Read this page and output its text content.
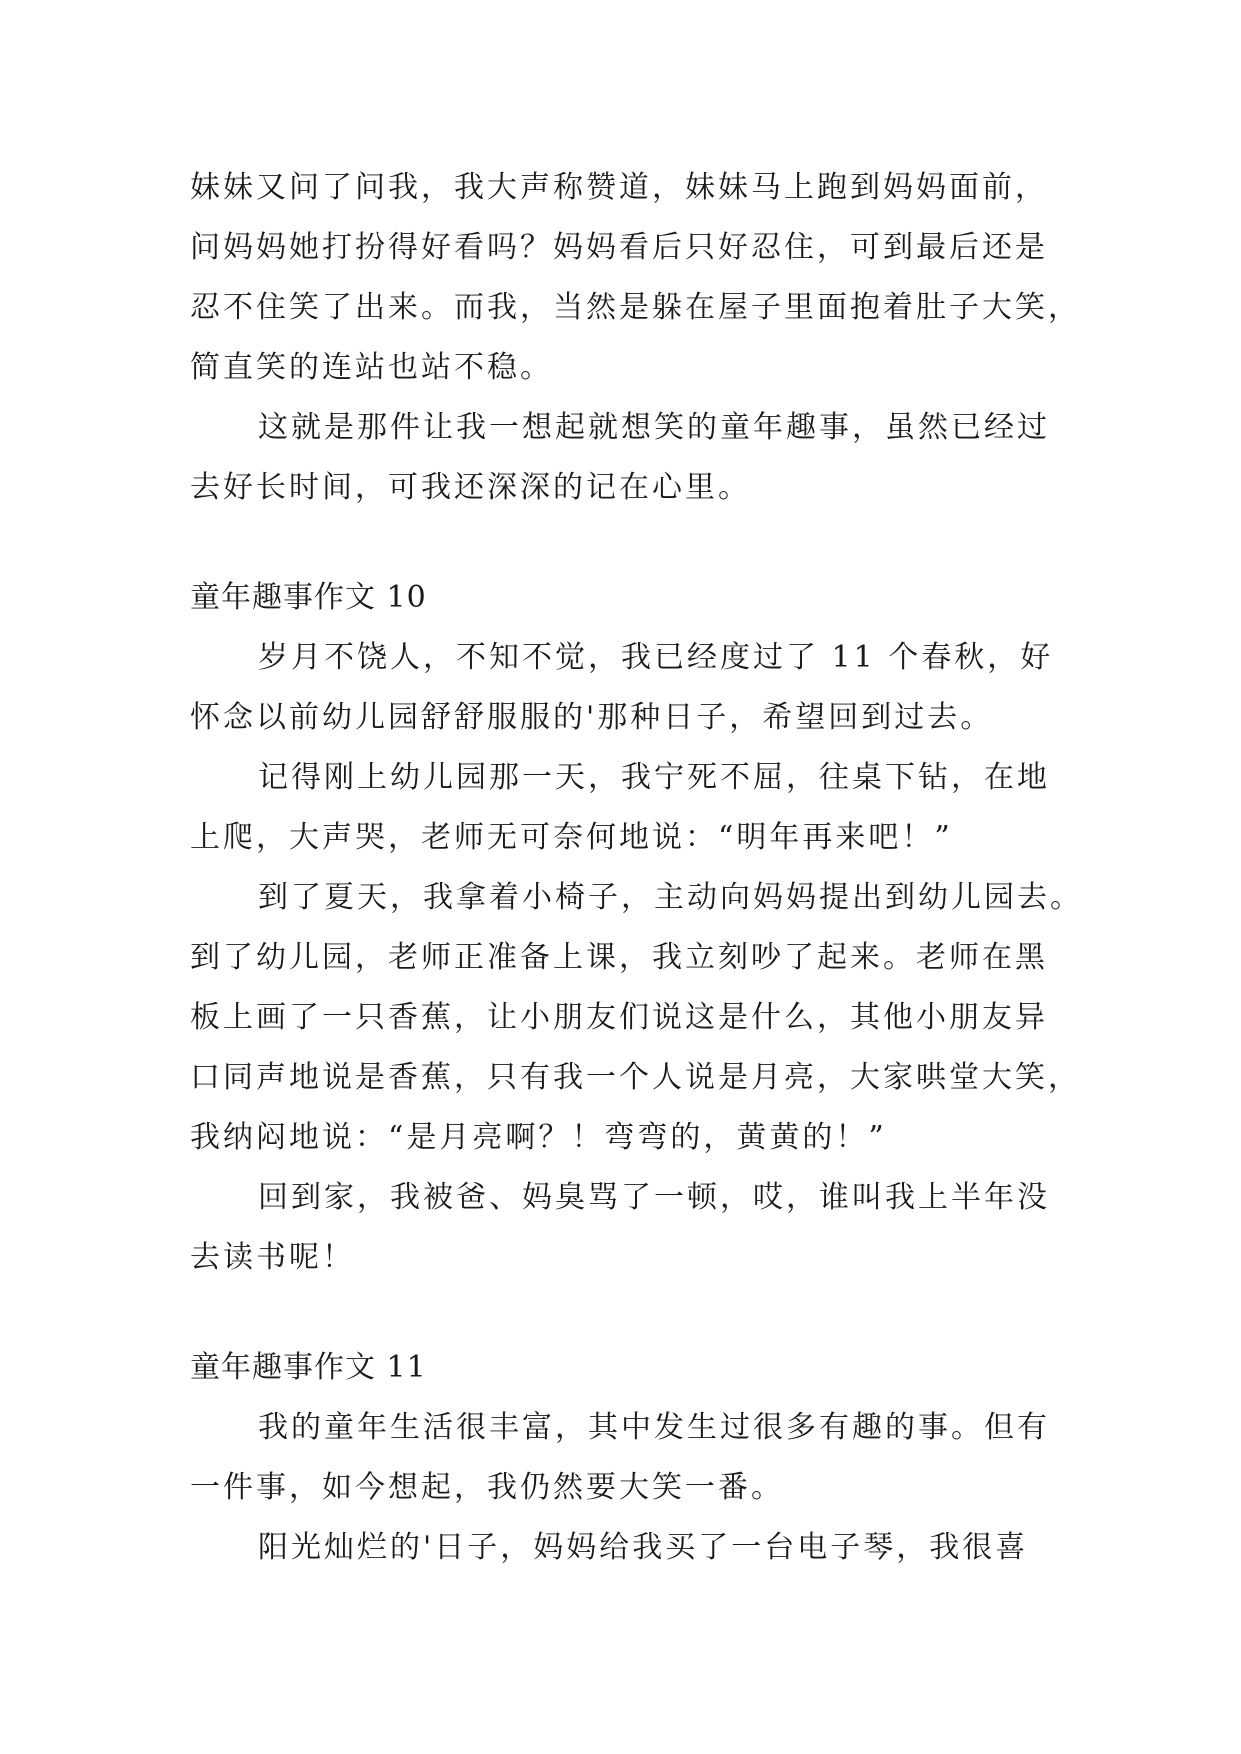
妹妹又问了问我，我大声称赞道，妹妹马上跑到妈妈面前，
问妈妈她打扮得好看吗？妈妈看后只好忍住，可到最后还是
忍不住笑了出来。而我，当然是躲在屋子里面抱着肚子大笑，
简直笑的连站也站不稳。
这就是那件让我一想起就想笑的童年趣事，虽然已经过
去好长时间，可我还深深的记在心里。
童年趣事作文 10
岁月不饶人，不知不觉，我已经度过了 11 个春秋，好
怀念以前幼儿园舒舒服服的'那种日子，希望回到过去。
记得刚上幼儿园那一天，我宁死不屈，往桌下钻，在地
上爬，大声哭，老师无可奈何地说：“明年再来吧！”
到了夏天，我拿着小椅子，主动向妈妈提出到幼儿园去。
到了幼儿园，老师正准备上课，我立刻吵了起来。老师在黑
板上画了一只香蕉，让小朋友们说这是什么，其他小朋友异
口同声地说是香蕉，只有我一个人说是月亮，大家哄堂大笑，
我纳闷地说：“是月亮啊？！弯弯的，黄黄的！”
回到家，我被爸、妈臭骂了一顿，哎，谁叫我上半年没
去读书呢！
童年趣事作文 11
我的童年生活很丰富，其中发生过很多有趣的事。但有
一件事，如今想起，我仍然要大笑一番。
阳光灿烂的'日子，妈妈给我买了一台电子琴，我很喜
